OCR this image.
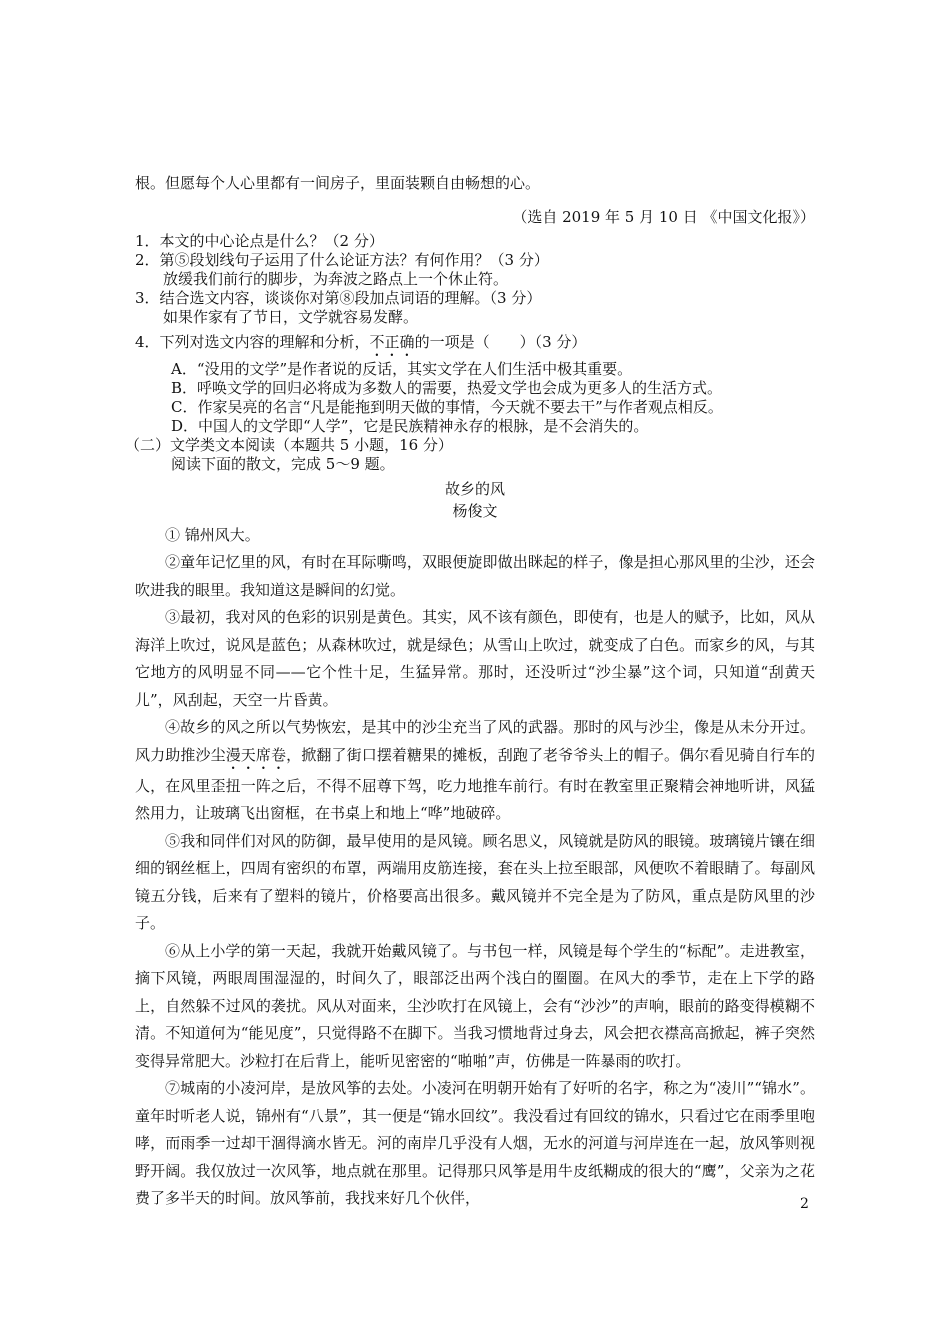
根。但愿每个人心里都有一间房子，里面装颗自由畅想的心。
（选自 2019 年 5 月 10 日 《中国文化报》）
1．本文的中心论点是什么？（2 分）
2．第⑤段划线句子运用了什么论证方法？有何作用？（3 分）
放缓我们前行的脚步，为奔波之路点上一个休止符。
3．结合选文内容，谈谈你对第⑧段加点词语的理解。（3 分）
如果作家有了节日，文学就容易发酵。
4．下列对选文内容的理解和分析，不正确的一项是（　　）（3 分）
A．“没用的文学”是作者说的反话，其实文学在人们生活中极其重要。
B．呼唤文学的回归必将成为多数人的需要，热爱文学也会成为更多人的生活方式。
C．作家吴亮的名言“凡是能拖到明天做的事情，今天就不要去干”与作者观点相反。
D．中国人的文学即“人学”，它是民族精神永存的根脉，是不会消失的。
（二）文学类文本阅读（本题共 5 小题，16 分）
阅读下面的散文，完成 5～9 题。
故乡的风
杨俊文

① 锦州风大。

②童年记忆里的风，有时在耳际嘶鸣，双眼便旋即做出眯起的样子，像是担心那风里的尘沙，还会吹进我的眼里。我知道这是瞬间的幻觉。

③最初，我对风的色彩的识别是黄色。其实，风不该有颜色，即使有，也是人的赋予，比如，风从海洋上吹过，说风是蓝色；从森林吹过，就是绿色；从雪山上吹过，就变成了白色。而家乡的风，与其它地方的风明显不同——它个性十足，生猛异常。那时，还没听过“沙尘暴”这个词，只知道“刮黄天儿”，风刮起，天空一片昏黄。

④故乡的风之所以气势恢宏，是其中的沙尘充当了风的武器。那时的风与沙尘，像是从未分开过。风力助推沙尘漫天席卷，掀翻了街口摆着糖果的摊板，刮跑了老爷爷头上的帽子。偶尔看见骑自行车的人，在风里歪扭一阵之后，不得不屈尊下驾，吃力地推车前行。有时在教室里正聚精会神地听讲，风猛然用力，让玻璃飞出窗框，在书桌上和地上“哗”地破碎。

⑤我和同伴们对风的防御，最早使用的是风镜。顾名思义，风镜就是防风的眼镜。玻璃镜片镶在细细的钢丝框上，四周有密织的布罩，两端用皮筋连接，套在头上拉至眼部，风便吹不着眼睛了。每副风镜五分钱，后来有了塑料的镜片，价格要高出很多。戴风镜并不完全是为了防风，重点是防风里的沙子。

⑥从上小学的第一天起，我就开始戴风镜了。与书包一样，风镜是每个学生的“标配”。走进教室，摘下风镜，两眼周围湿湿的，时间久了，眼部泛出两个浅白的圈圈。在风大的季节，走在上下学的路上，自然躲不过风的袭扰。风从对面来，尘沙吹打在风镜上，会有“沙沙”的声响，眼前的路变得模糊不清。不知道何为“能见度”，只觉得路不在脚下。当我习惯地背过身去，风会把衣襟高高掀起，裤子突然变得异常肥大。沙粒打在后背上，能听见密密的“啪啪”声，仿佛是一阵暴雨的吹打。

⑦城南的小凌河岸，是放风筝的去处。小凌河在明朝开始有了好听的名字，称之为“凌川”“锦水”。童年时听老人说，锦州有“八景”，其一便是“锦水回纹”。我没看过有回纹的锦水，只看过它在雨季里咆哮，而雨季一过却干涸得滴水皆无。河的南岸几乎没有人烟，无水的河道与河岸连在一起，放风筝则视野开阔。我仅放过一次风筝，地点就在那里。记得那只风筝是用牛皮纸糊成的很大的“鹰”，父亲为之花费了多半天的时间。放风筝前，我找来好几个伙伴，	2
